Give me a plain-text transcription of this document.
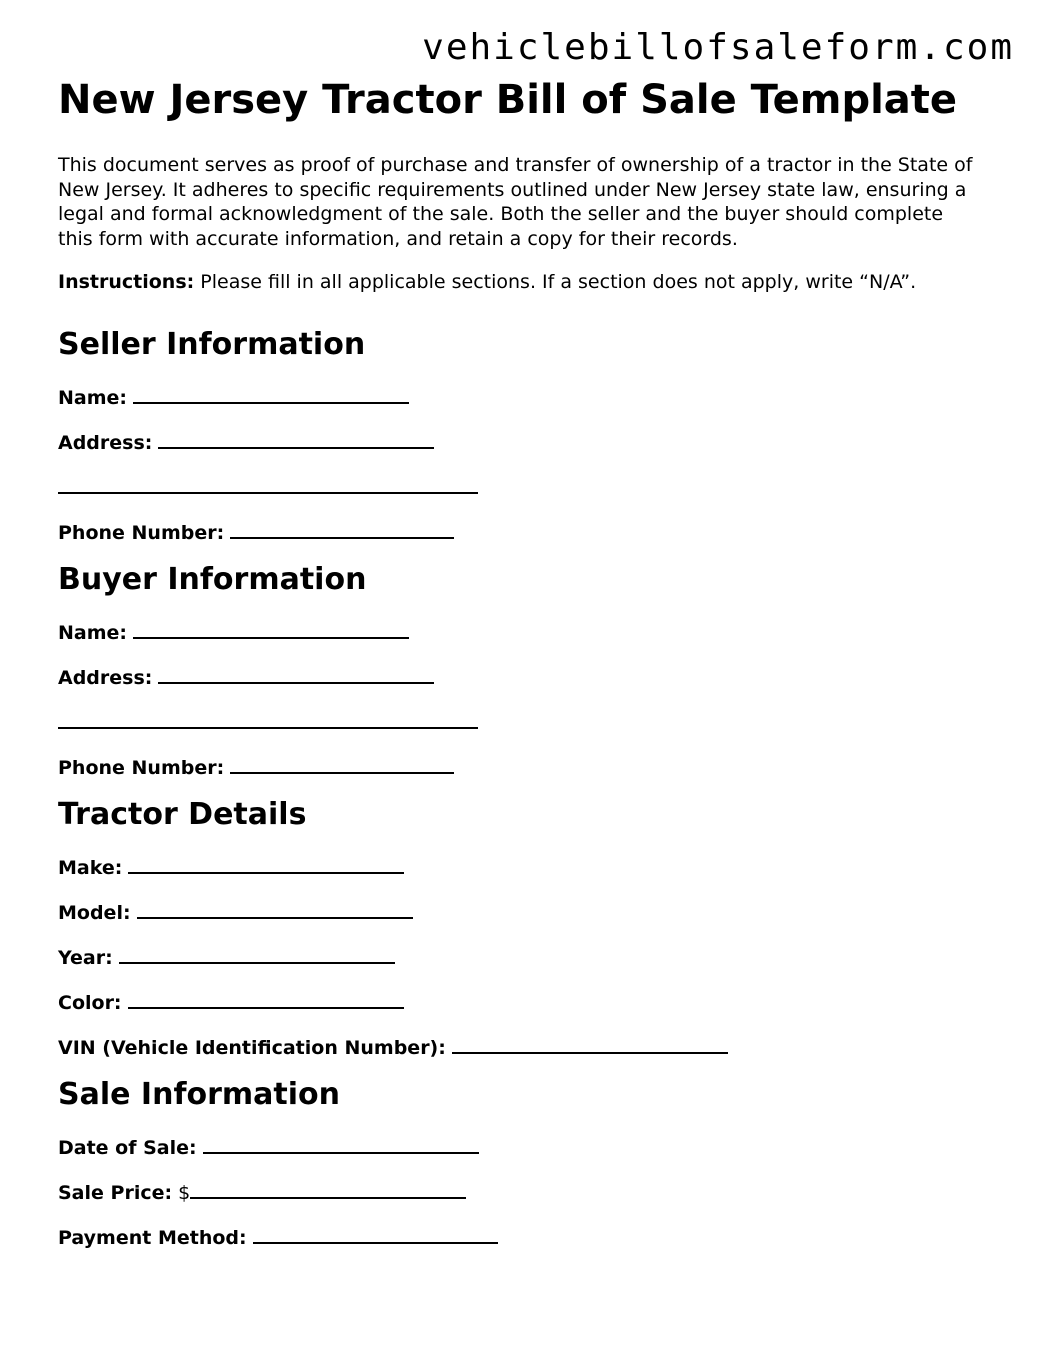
vehiclebillofsaleform.com
New Jersey Tractor Bill of Sale Template

This document serves as proof of purchase and transfer of ownership of a tractor in the State of New Jersey. It adheres to specific requirements outlined under New Jersey state law, ensuring a legal and formal acknowledgment of the sale. Both the seller and the buyer should complete this form with accurate information, and retain a copy for their records.

Instructions: Please fill in all applicable sections. If a section does not apply, write “N/A”.

Seller Information
Name:
Address:
Phone Number:
Buyer Information
Name:
Address:
Phone Number:
Tractor Details
Make:
Model:
Year:
Color:
VIN (Vehicle Identification Number):
Sale Information
Date of Sale:
Sale Price: $
Payment Method:
